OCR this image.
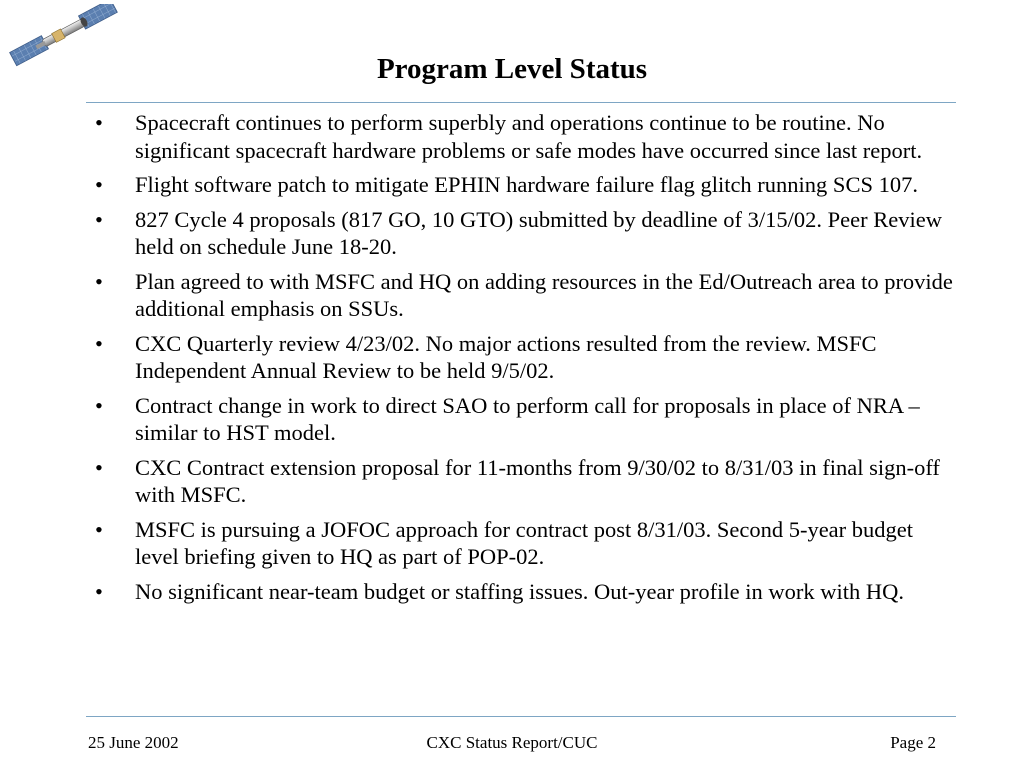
Program Level Status
• Spacecraft continues to perform superbly and operations continue to be routine. No significant spacecraft hardware problems or safe modes have occurred since last report.
• Flight software patch to mitigate EPHIN hardware failure flag glitch running SCS 107.
• 827 Cycle 4 proposals (817 GO, 10 GTO) submitted by deadline of 3/15/02. Peer Review held on schedule June 18-20.
• Plan agreed to with MSFC and HQ on adding resources in the Ed/Outreach area to provide additional emphasis on SSUs.
• CXC Quarterly review 4/23/02. No major actions resulted from the review. MSFC Independent Annual Review to be held 9/5/02.
• Contract change in work to direct SAO to perform call for proposals in place of NRA – similar to HST model.
• CXC Contract extension proposal for 11-months from 9/30/02 to 8/31/03 in final sign-off with MSFC.
• MSFC is pursuing a JOFOC approach for contract post 8/31/03. Second 5-year budget level briefing given to HQ as part of POP-02.
• No significant near-team budget or staffing issues. Out-year profile in work with HQ.
25 June 2002	CXC Status Report/CUC	Page 2
